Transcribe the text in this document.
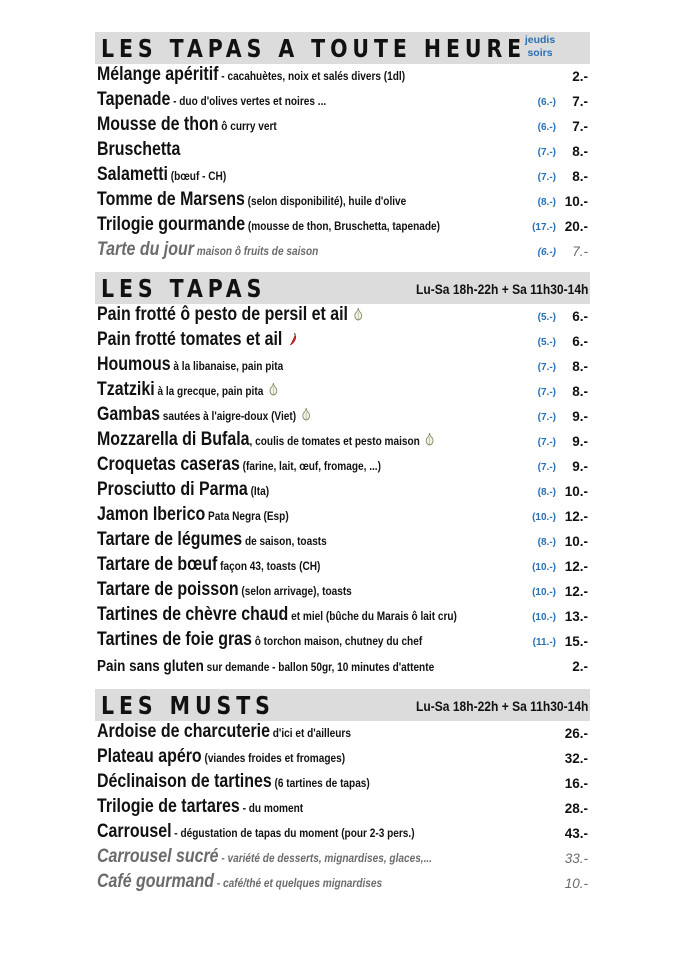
LES TAPAS A TOUTE HEURE
jeudis soirs
Mélange apéritif - cacahuètes, noix et salés divers (1dl)	2.-
Tapenade - duo d'olives vertes et noires ...	(6.-) 7.-
Mousse de thon ô curry vert	(6.-) 7.-
Bruschetta	(7.-) 8.-
Salametti (bœuf - CH)	(7.-) 8.-
Tomme de Marsens (selon disponibilité), huile d'olive	(8.-) 10.-
Trilogie gourmande (mousse de thon, Bruschetta, tapenade)	(17.-) 20.-
Tarte du jour maison ô fruits de saison	(6.-) 7.-
LES TAPAS	Lu-Sa 18h-22h + Sa 11h30-14h
Pain frotté ô pesto de persil et ail	(5.-) 6.-
Pain frotté tomates et ail	(5.-) 6.-
Houmous à la libanaise, pain pita	(7.-) 8.-
Tzatziki à la grecque, pain pita	(7.-) 8.-
Gambas sautées à l'aigre-doux (Viet)	(7.-) 9.-
Mozzarella di Bufala, coulis de tomates et pesto maison	(7.-) 9.-
Croquetas caseras (farine, lait, œuf, fromage, ...)	(7.-) 9.-
Prosciutto di Parma (Ita)	(8.-) 10.-
Jamon Iberico Pata Negra (Esp)	(10.-) 12.-
Tartare de légumes de saison, toasts	(8.-) 10.-
Tartare de bœuf façon 43, toasts (CH)	(10.-) 12.-
Tartare de poisson (selon arrivage), toasts	(10.-) 12.-
Tartines de chèvre chaud et miel (bûche du Marais ô lait cru)	(10.-) 13.-
Tartines de foie gras ô torchon maison, chutney du chef	(11.-) 15.-
Pain sans gluten sur demande - ballon 50gr, 10 minutes d'attente	2.-
LES MUSTS	Lu-Sa 18h-22h + Sa 11h30-14h
Ardoise de charcuterie d'ici et d'ailleurs	26.-
Plateau apéro (viandes froides et fromages)	32.-
Déclinaison de tartines (6 tartines de tapas)	16.-
Trilogie de tartares - du moment	28.-
Carrousel - dégustation de tapas du moment (pour 2-3 pers.)	43.-
Carrousel sucré - variété de desserts, mignardises, glaces,...	33.-
Café gourmand - café/thé et quelques mignardises	10.-
